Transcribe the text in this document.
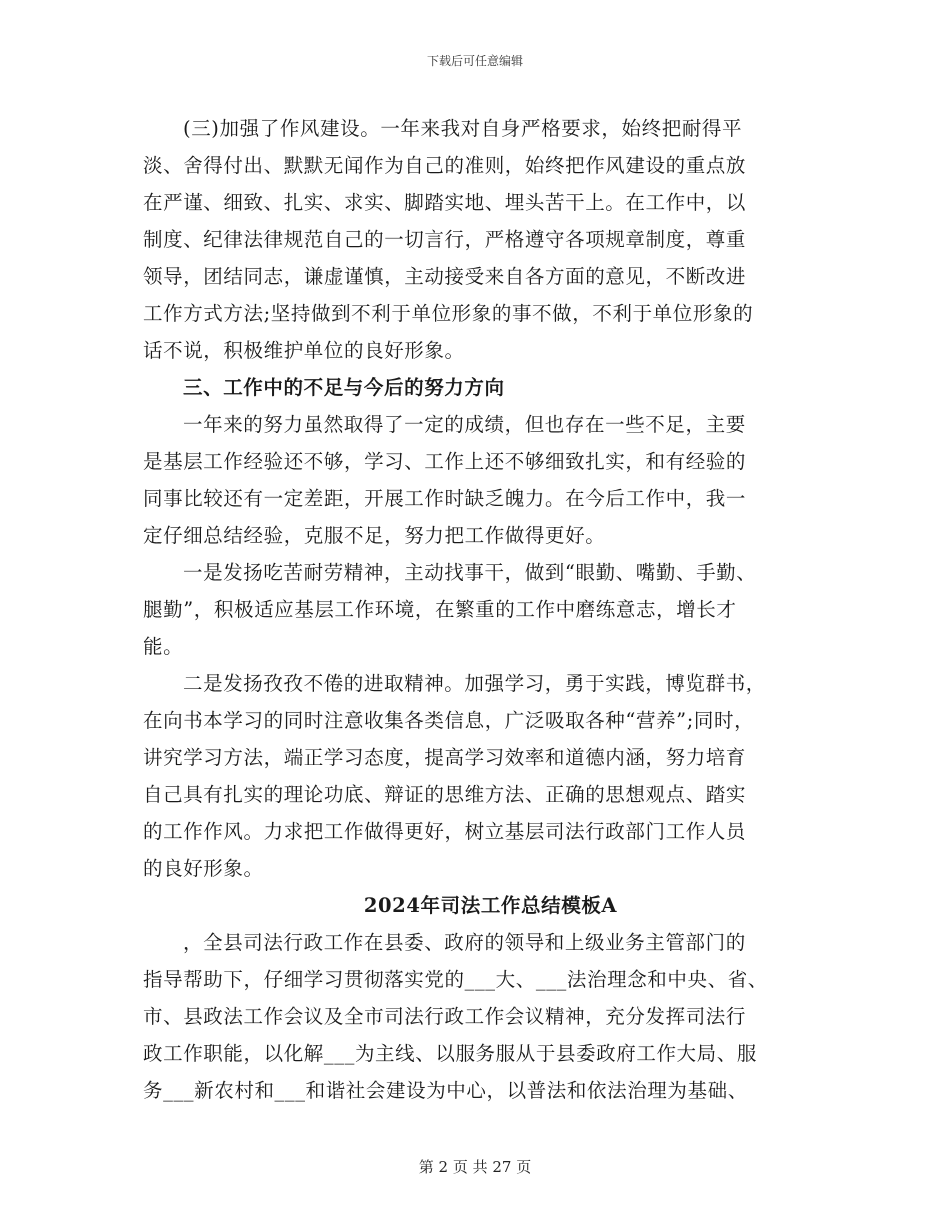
下载后可任意编辑
(三)加强了作风建设。一年来我对自身严格要求，始终把耐得平
淡、舍得付出、默默无闻作为自己的准则，始终把作风建设的重点放
在严谨、细致、扎实、求实、脚踏实地、埋头苦干上。在工作中，以
制度、纪律法律规范自己的一切言行，严格遵守各项规章制度，尊重
领导，团结同志，谦虚谨慎，主动接受来自各方面的意见，不断改进
工作方式方法;坚持做到不利于单位形象的事不做，不利于单位形象的
话不说，积极维护单位的良好形象。
三、工作中的不足与今后的努力方向
一年来的努力虽然取得了一定的成绩，但也存在一些不足，主要
是基层工作经验还不够，学习、工作上还不够细致扎实，和有经验的
同事比较还有一定差距，开展工作时缺乏魄力。在今后工作中，我一
定仔细总结经验，克服不足，努力把工作做得更好。
一是发扬吃苦耐劳精神，主动找事干，做到“眼勤、嘴勤、手勤、
腿勤”，积极适应基层工作环境，在繁重的工作中磨练意志，增长才
能。
二是发扬孜孜不倦的进取精神。加强学习，勇于实践，博览群书，
在向书本学习的同时注意收集各类信息，广泛吸取各种“营养”;同时，
讲究学习方法，端正学习态度，提高学习效率和道德内涵，努力培育
自己具有扎实的理论功底、辩证的思维方法、正确的思想观点、踏实
的工作作风。力求把工作做得更好，树立基层司法行政部门工作人员
的良好形象。
2024年司法工作总结模板A
，全县司法行政工作在县委、政府的领导和上级业务主管部门的
指导帮助下，仔细学习贯彻落实党的___大、___法治理念和中央、省、
市、县政法工作会议及全市司法行政工作会议精神，充分发挥司法行
政工作职能，以化解___为主线、以服务服从于县委政府工作大局、服
务___新农村和___和谐社会建设为中心，以普法和依法治理为基础、
第 2 页 共 27 页
